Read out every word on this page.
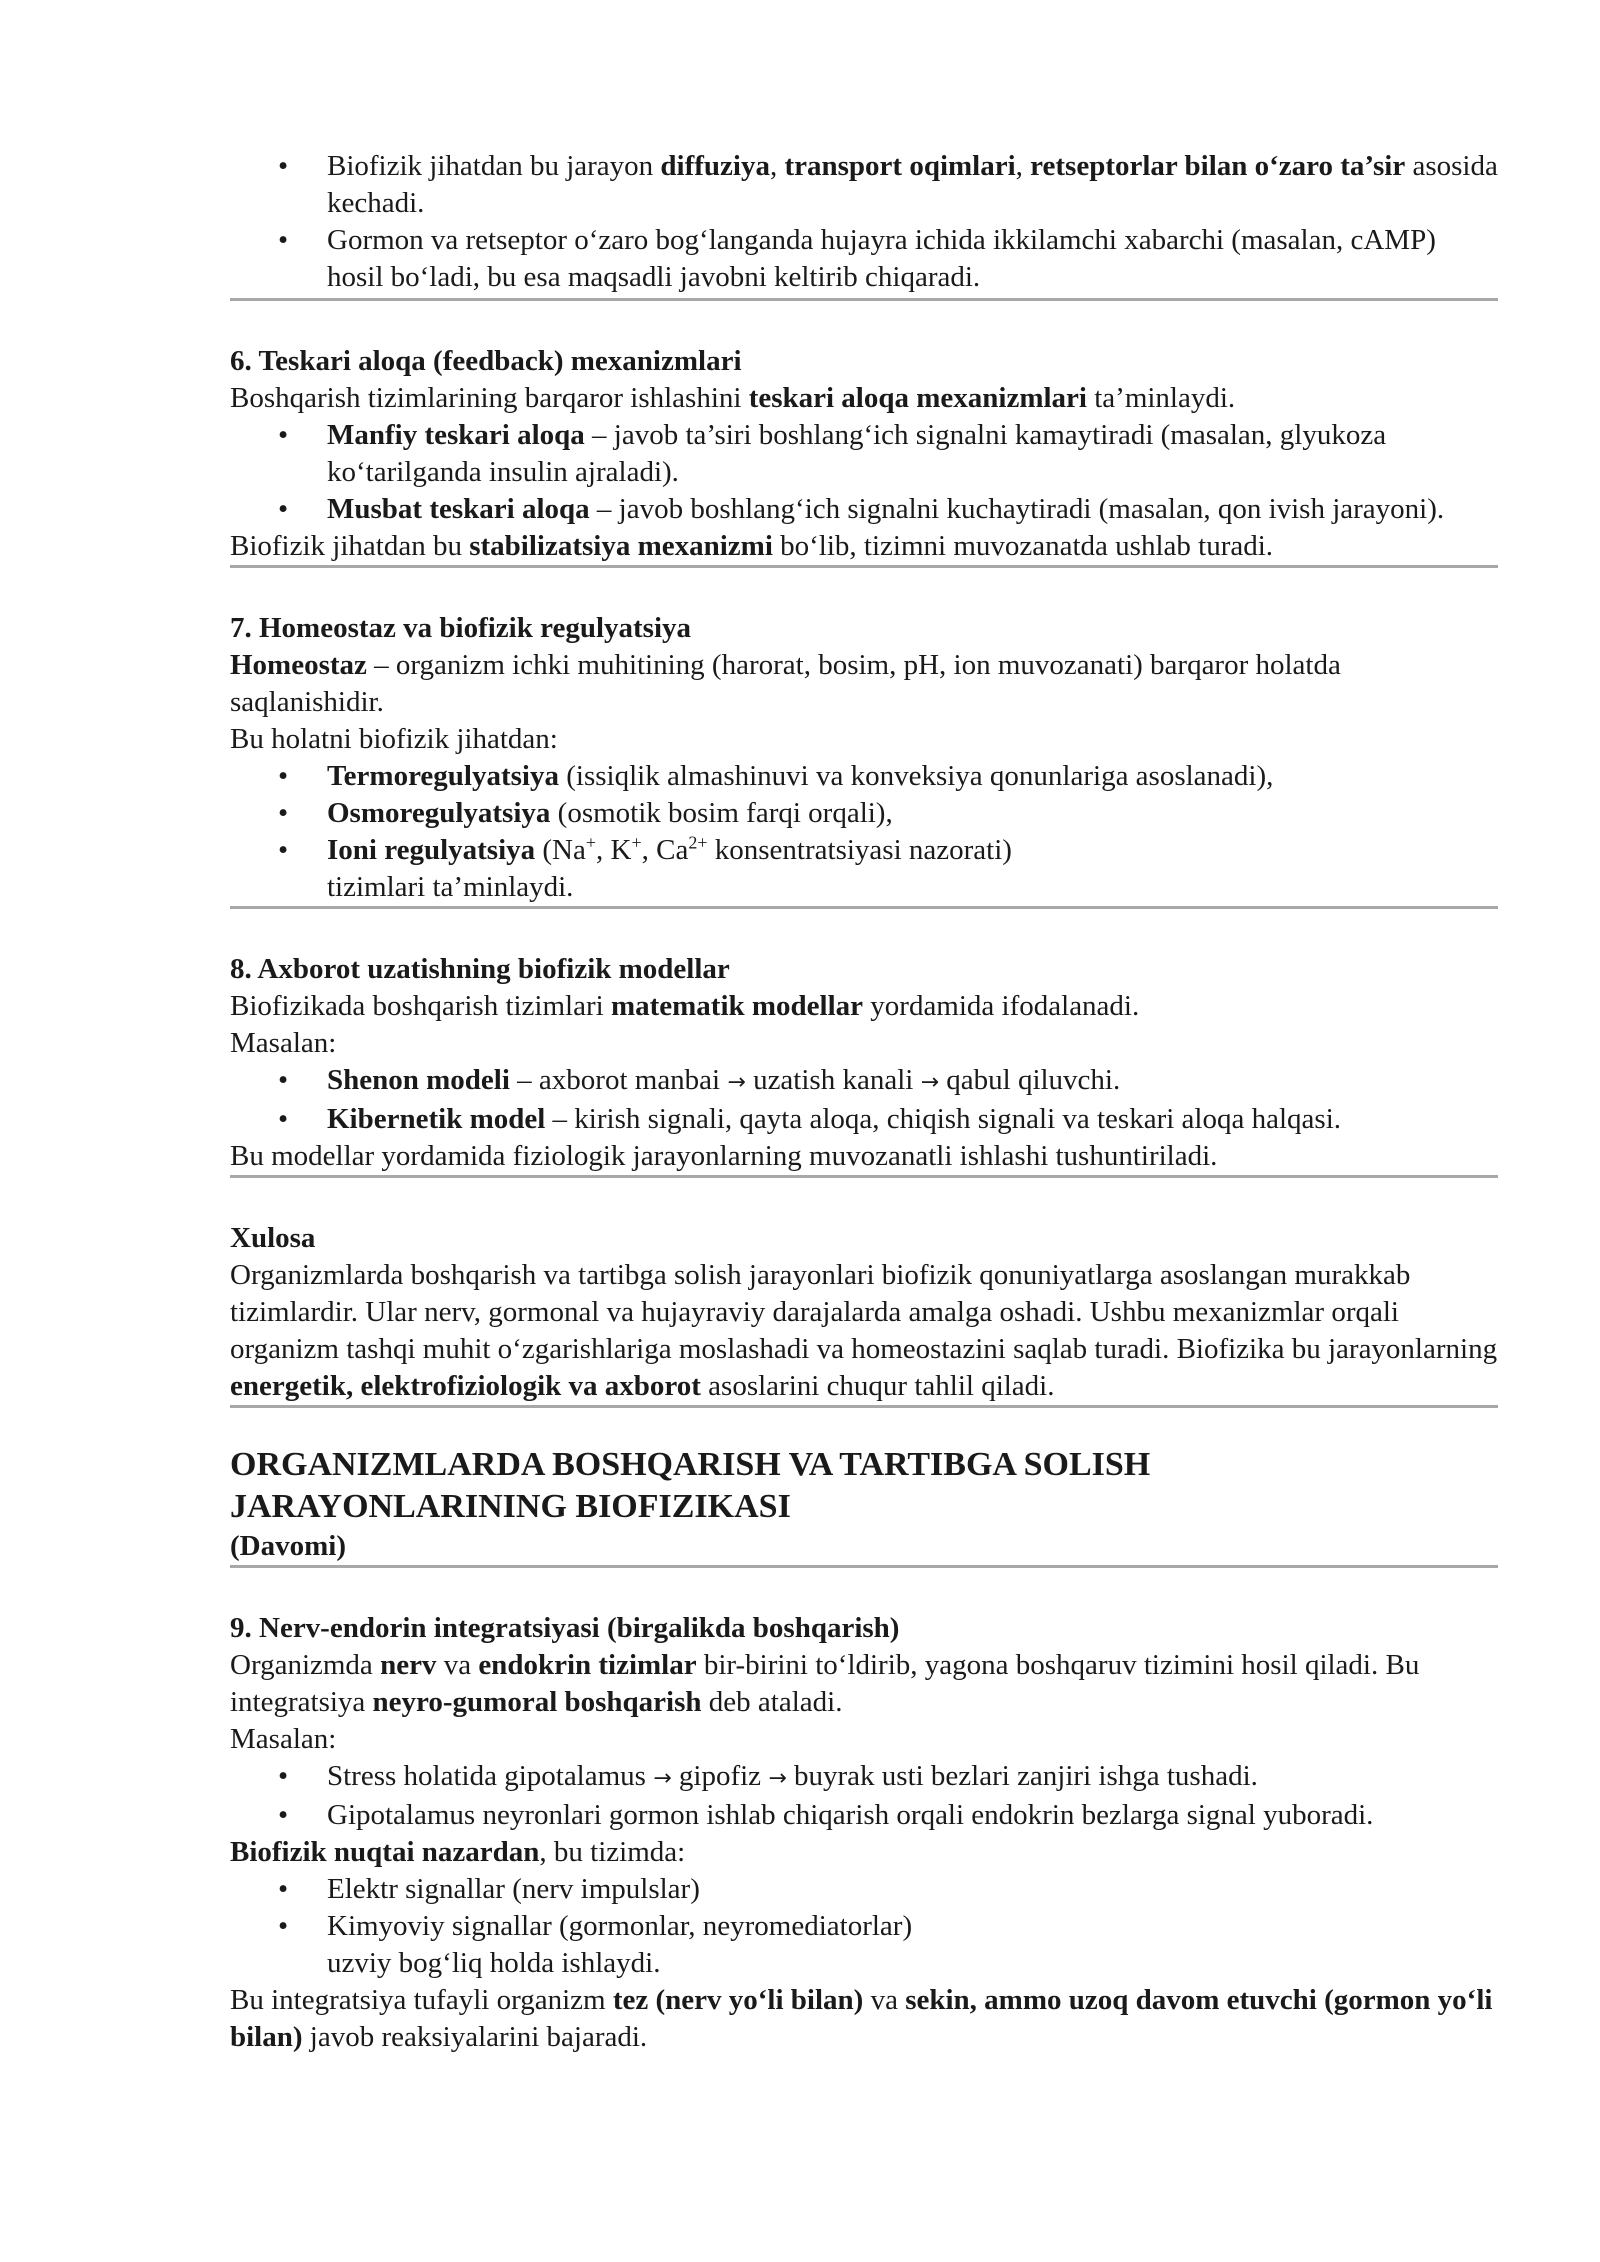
• Biofizik jihatdan bu jarayon diffuziya, transport oqimlari, retseptorlar bilan o‘zaro ta’sir asosida kechadi.
• Gormon va retseptor o‘zaro bog‘langanda hujayra ichida ikkilamchi xabarchi (masalan, cAMP) hosil bo‘ladi, bu esa maqsadli javobni keltirib chiqaradi.

6. Teskari aloqa (feedback) mexanizmlari

Boshqarish tizimlarining barqaror ishlashini teskari aloqa mexanizmlari ta’minlaydi.

• Manfiy teskari aloqa – javob ta’siri boshlang‘ich signalni kamaytiradi (masalan, glyukoza ko‘tarilganda insulin ajraladi).
• Musbat teskari aloqa – javob boshlang‘ich signalni kuchaytiradi (masalan, qon ivish jarayoni).

Biofizik jihatdan bu stabilizatsiya mexanizmi bo‘lib, tizimni muvozanatda ushlab turadi.

7. Homeostaz va biofizik regulyatsiya

Homeostaz – organizm ichki muhitining (harorat, bosim, pH, ion muvozanati) barqaror holatda saqlanishidir.

Bu holatni biofizik jihatdan:

• Termoregulyatsiya (issiqlik almashinuvi va konveksiya qonunlariga asoslanadi),
• Osmoregulyatsiya (osmotik bosim farqi orqali),
• Ioni regulyatsiya (Na+, K+, $Ca^{2+}$ konsentratsiyasi nazorati)
tizimlari ta’minlaydi.

8. Axborot uzatishning biofizik modellar

Biofizikada boshqarish tizimlari matematik modellar yordamida ifodalanadi.

Masalan:

• Shenon modeli – axborot manbai → uzatish kanali → qabul qiluvchi.
• Kibernetik model – kirish signali, qayta aloqa, chiqish signali va teskari aloqa halqasi.

Bu modellar yordamida fiziologik jarayonlarning muvozanatli ishlashi tushuntiriladi.

Xulosa

Organizmlarda boshqarish va tartibga solish jarayonlari biofizik qonuniyatlarga asoslangan murakkab tizimlardir. Ular nerv, gormonal va hujayraviy darajalarda amalga oshadi. Ushbu mexanizmlar orqali organizm tashqi muhit o‘zgarishlariga moslashadi va homeostazini saqlab turadi. Biofizika bu jarayonlarning energetik, elektrofiziologik va axborot asoslarini chuqur tahlil qiladi.

ORGANIZMLARDA BOSHQARISH VA TARTIBGA SOLISH

JARAYONLARINING BIOFIZIKASI

(Davomi)

9. Nerv-endorin integratsiyasi (birgalikda boshqarish)

Organizmda nerv va endokrin tizimlar bir-birini to‘ldirib, yagona boshqaruv tizimini hosil qiladi. Bu integratsiya neyro-gumoral boshqarish deb ataladi.

Masalan:

• Stress holatida gipotalamus → gipofiz → buyrak usti bezlari zanjiri ishga tushadi.
• Gipotalamus neyronlari gormon ishlab chiqarish orqali endokrin bezlarga signal yuboradi.

Biofizik nuqtai nazardan, bu tizimda:

• Elektr signallar (nerv impulslar)
• Kimyoviy signallar (gormonlar, neyromediatorlar)
uzviy bog‘liq holda ishlaydi.

Bu integratsiya tufayli organizm tez (nerv yo‘li bilan) va sekin, ammo uzoq davom etuvchi (gormon yo‘li bilan) javob reaksiyalarini bajaradi.
